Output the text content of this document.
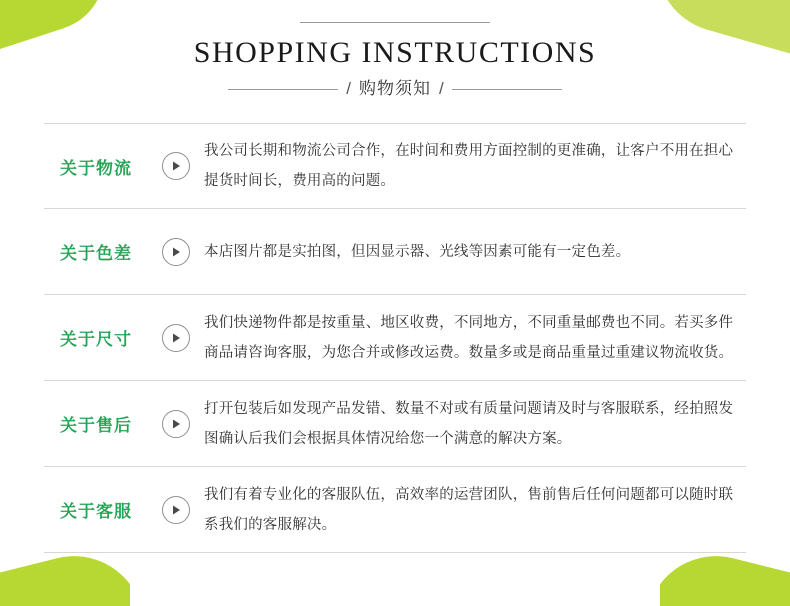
SHOPPING INSTRUCTIONS
/ 购物须知 /
关于物流
我公司长期和物流公司合作，在时间和费用方面控制的更准确，让客户不用在担心提货时间长，费用高的问题。
关于色差	本店图片都是实拍图，但因显示器、光线等因素可能有一定色差。
关于尺寸
我们快递物件都是按重量、地区收费，不同地方，不同重量邮费也不同。若买多件商品请咨询客服，为您合并或修改运费。数量多或是商品重量过重建议物流收货。
关于售后
打开包装后如发现产品发错、数量不对或有质量问题请及时与客服联系，经拍照发图确认后我们会根据具体情况给您一个满意的解决方案。
关于客服
我们有着专业化的客服队伍，高效率的运营团队，售前售后任何问题都可以随时联系我们的客服解决。
